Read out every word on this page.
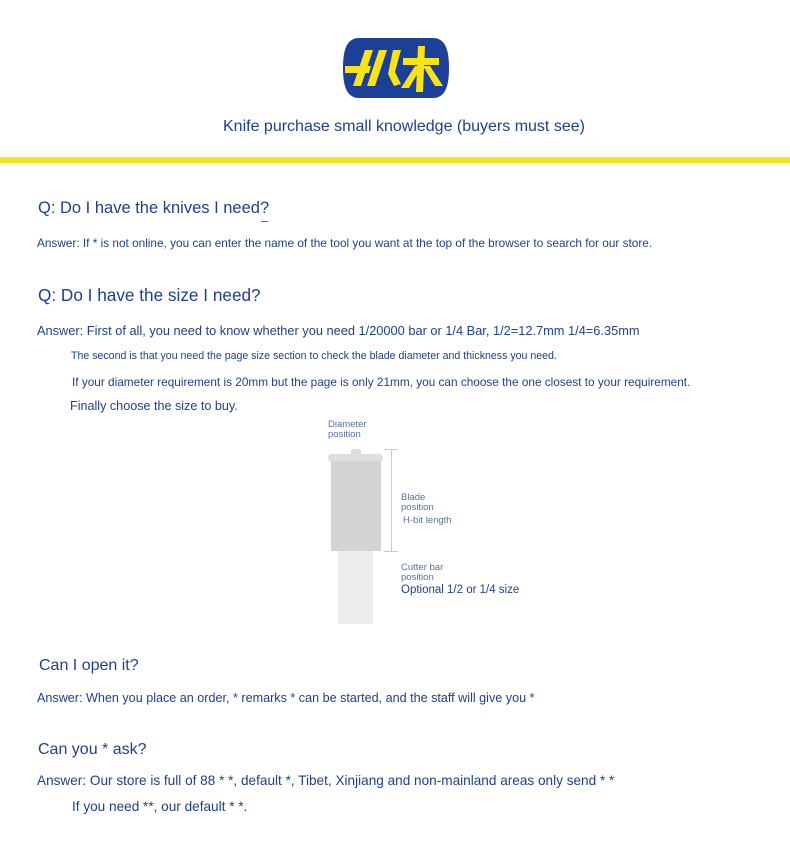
Knife purchase small knowledge (buyers must see)

Q: Do I have the knives I need?

Answer: If * is not online, you can enter the name of the tool you want at the top of the browser to search for our store.

Q: Do I have the size I need?

Answer: First of all, you need to know whether you need 1/20000 bar or 1/4 Bar, 1/2=12.7mm 1/4=6.35mm

The second is that you need the page size section to check the blade diameter and thickness you need.

If your diameter requirement is 20mm but the page is only 21mm, you can choose the one closest to your requirement.

Finally choose the size to buy.

Diameter
position
Blade
position

H-bit length

Cutter bar
position

Optional 1/2 or 1/4 size

Can I open it?

Answer: When you place an order, * remarks * can be started, and the staff will give you *

Can you * ask?

Answer: Our store is full of 88 * *, default *, Tibet, Xinjiang and non-mainland areas only send * *

If you need **, our default * *.
